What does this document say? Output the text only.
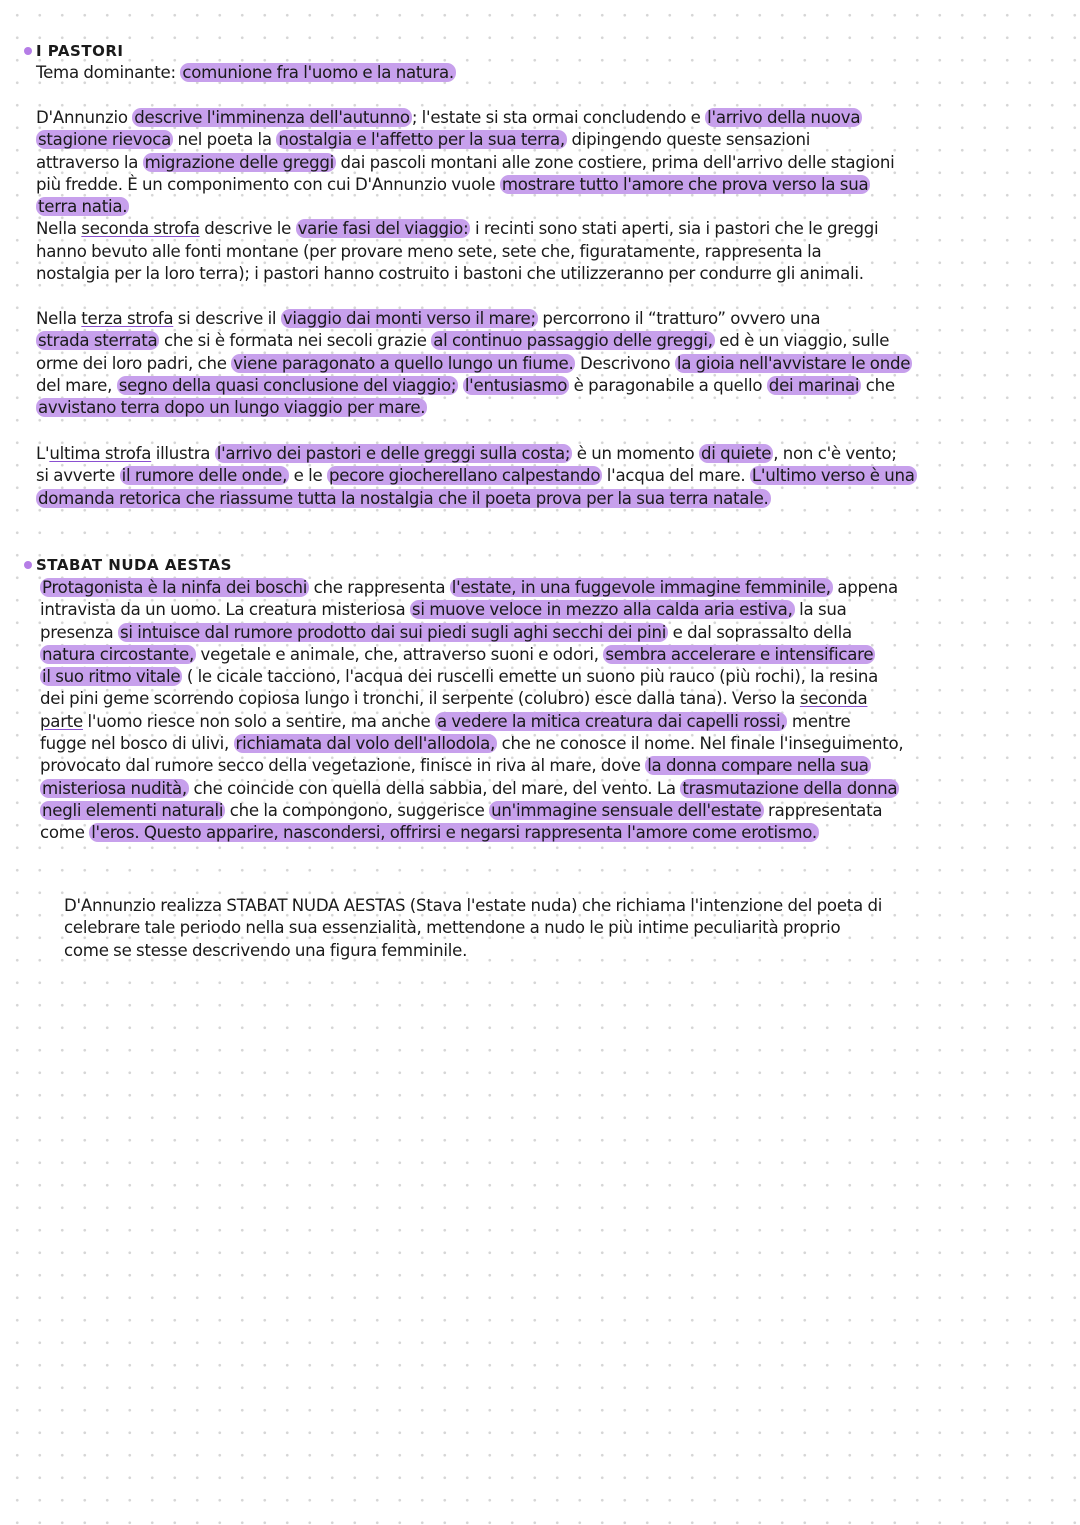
I PASTORI
Tema dominante: comunione fra l'uomo e la natura.
D'Annunzio descrive l'imminenza dell'autunno ; l'estate si sta ormai concludendo e l'arrivo della nuova
stagione rievoca nel poeta la nostalgia e l'affetto per la sua terra, dipingendo queste sensazioni
attraverso la migrazione delle greggi dai pascoli montani alle zone costiere, prima dell'arrivo delle stagioni
più fredde. È un componimento con cui D'Annunzio vuole mostrare tutto l'amore che prova verso la sua
terra natia.
Nella seconda strofa descrive le varie fasi del viaggio: i recinti sono stati aperti, sia i pastori che le greggi
hanno bevuto alle fonti montane (per provare meno sete, sete che, figuratamente, rappresenta la
nostalgia per la loro terra); i pastori hanno costruito i bastoni che utilizzeranno per condurre gli animali.
Nella terza strofa si descrive il viaggio dai monti verso il mare; percorrono il “tratturo” ovvero una
strada sterrata che si è formata nei secoli grazie al continuo passaggio delle greggi, ed è un viaggio, sulle
orme dei loro padri, che viene paragonato a quello lungo un fiume. Descrivono la gioia nell'avvistare le onde
del mare, segno della quasi conclusione del viaggio; l'entusiasmo è paragonabile a quello dei marinai che
avvistano terra dopo un lungo viaggio per mare.
L'ultima strofa illustra l'arrivo dei pastori e delle greggi sulla costa; è un momento di quiete , non c'è vento;
si avverte il rumore delle onde, e le pecore giocherellano calpestando l'acqua del mare. L'ultimo verso è una
domanda retorica che riassume tutta la nostalgia che il poeta prova per la sua terra natale.
STABAT NUDA AESTAS
Protagonista è la ninfa dei boschi che rappresenta l'estate, in una fuggevole immagine femminile, appena
intravista da un uomo. La creatura misteriosa si muove veloce in mezzo alla calda aria estiva, la sua
presenza si intuisce dal rumore prodotto dai sui piedi sugli aghi secchi dei pini e dal soprassalto della
natura circostante, vegetale e animale, che, attraverso suoni e odori, sembra accelerare e intensificare
il suo ritmo vitale ( le cicale tacciono, l'acqua dei ruscelli emette un suono più rauco (più rochi), la resina
dei pini geme scorrendo copiosa lungo i tronchi, il serpente (colubro) esce dalla tana). Verso la seconda
parte l'uomo riesce non solo a sentire, ma anche a vedere la mitica creatura dai capelli rossi, mentre
fugge nel bosco di ulivi, richiamata dal volo dell'allodola, che ne conosce il nome. Nel finale l'inseguimento,
provocato dal rumore secco della vegetazione, finisce in riva al mare, dove la donna compare nella sua
misteriosa nudità, che coincide con quella della sabbia, del mare, del vento. La trasmutazione della donna
negli elementi naturali che la compongono, suggerisce un'immagine sensuale dell'estate rappresentata
come l'eros. Questo apparire, nascondersi, offrirsi e negarsi rappresenta l'amore come erotismo.
D'Annunzio realizza STABAT NUDA AESTAS (Stava l'estate nuda) che richiama l'intenzione del poeta di
celebrare tale periodo nella sua essenzialità, mettendone a nudo le più intime peculiarità proprio
come se stesse descrivendo una figura femminile.
